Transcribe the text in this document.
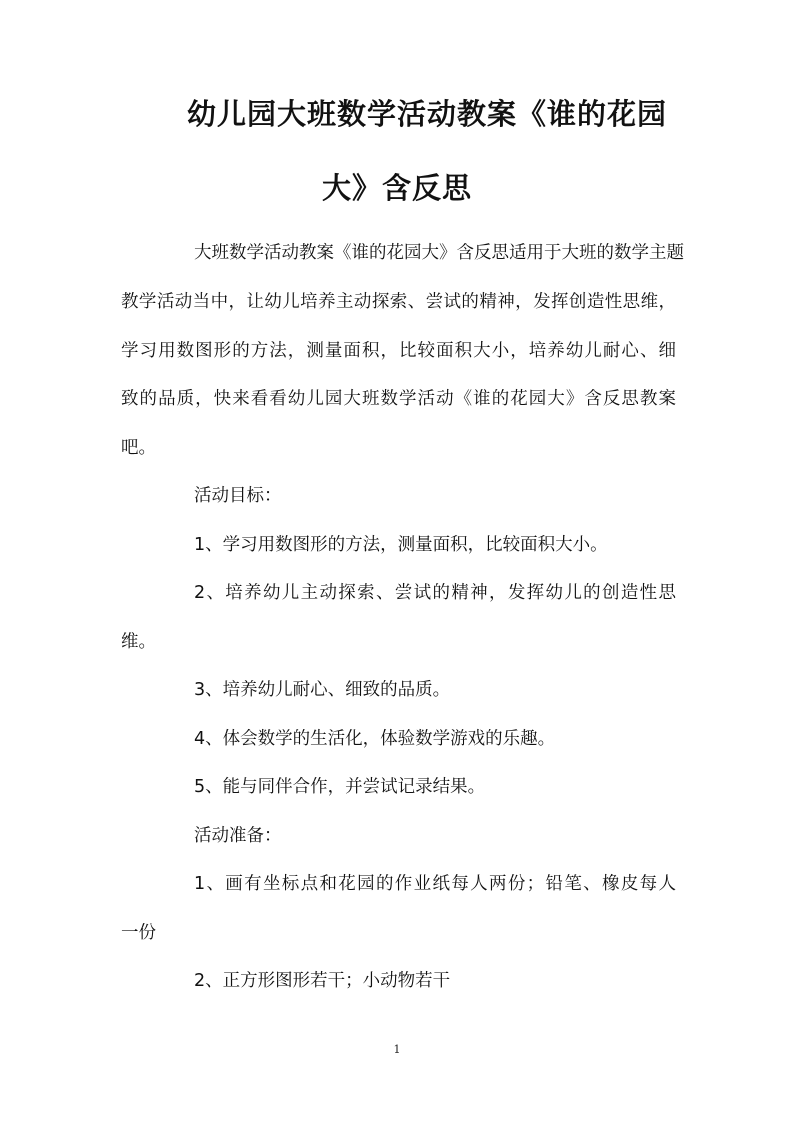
幼儿园大班数学活动教案《谁的花园
大》含反思
大班数学活动教案《谁的花园大》含反思适用于大班的数学主题
教学活动当中，让幼儿培养主动探索、尝试的精神，发挥创造性思维，
学习用数图形的方法，测量面积，比较面积大小，培养幼儿耐心、细
致的品质，快来看看幼儿园大班数学活动《谁的花园大》含反思教案
吧。
活动目标：
1、学习用数图形的方法，测量面积，比较面积大小。
2、培养幼儿主动探索、尝试的精神，发挥幼儿的创造性思
维。
3、培养幼儿耐心、细致的品质。
4、体会数学的生活化，体验数学游戏的乐趣。
5、能与同伴合作，并尝试记录结果。
活动准备：
1、画有坐标点和花园的作业纸每人两份；铅笔、橡皮每人
一份
2、正方形图形若干；小动物若干
1
